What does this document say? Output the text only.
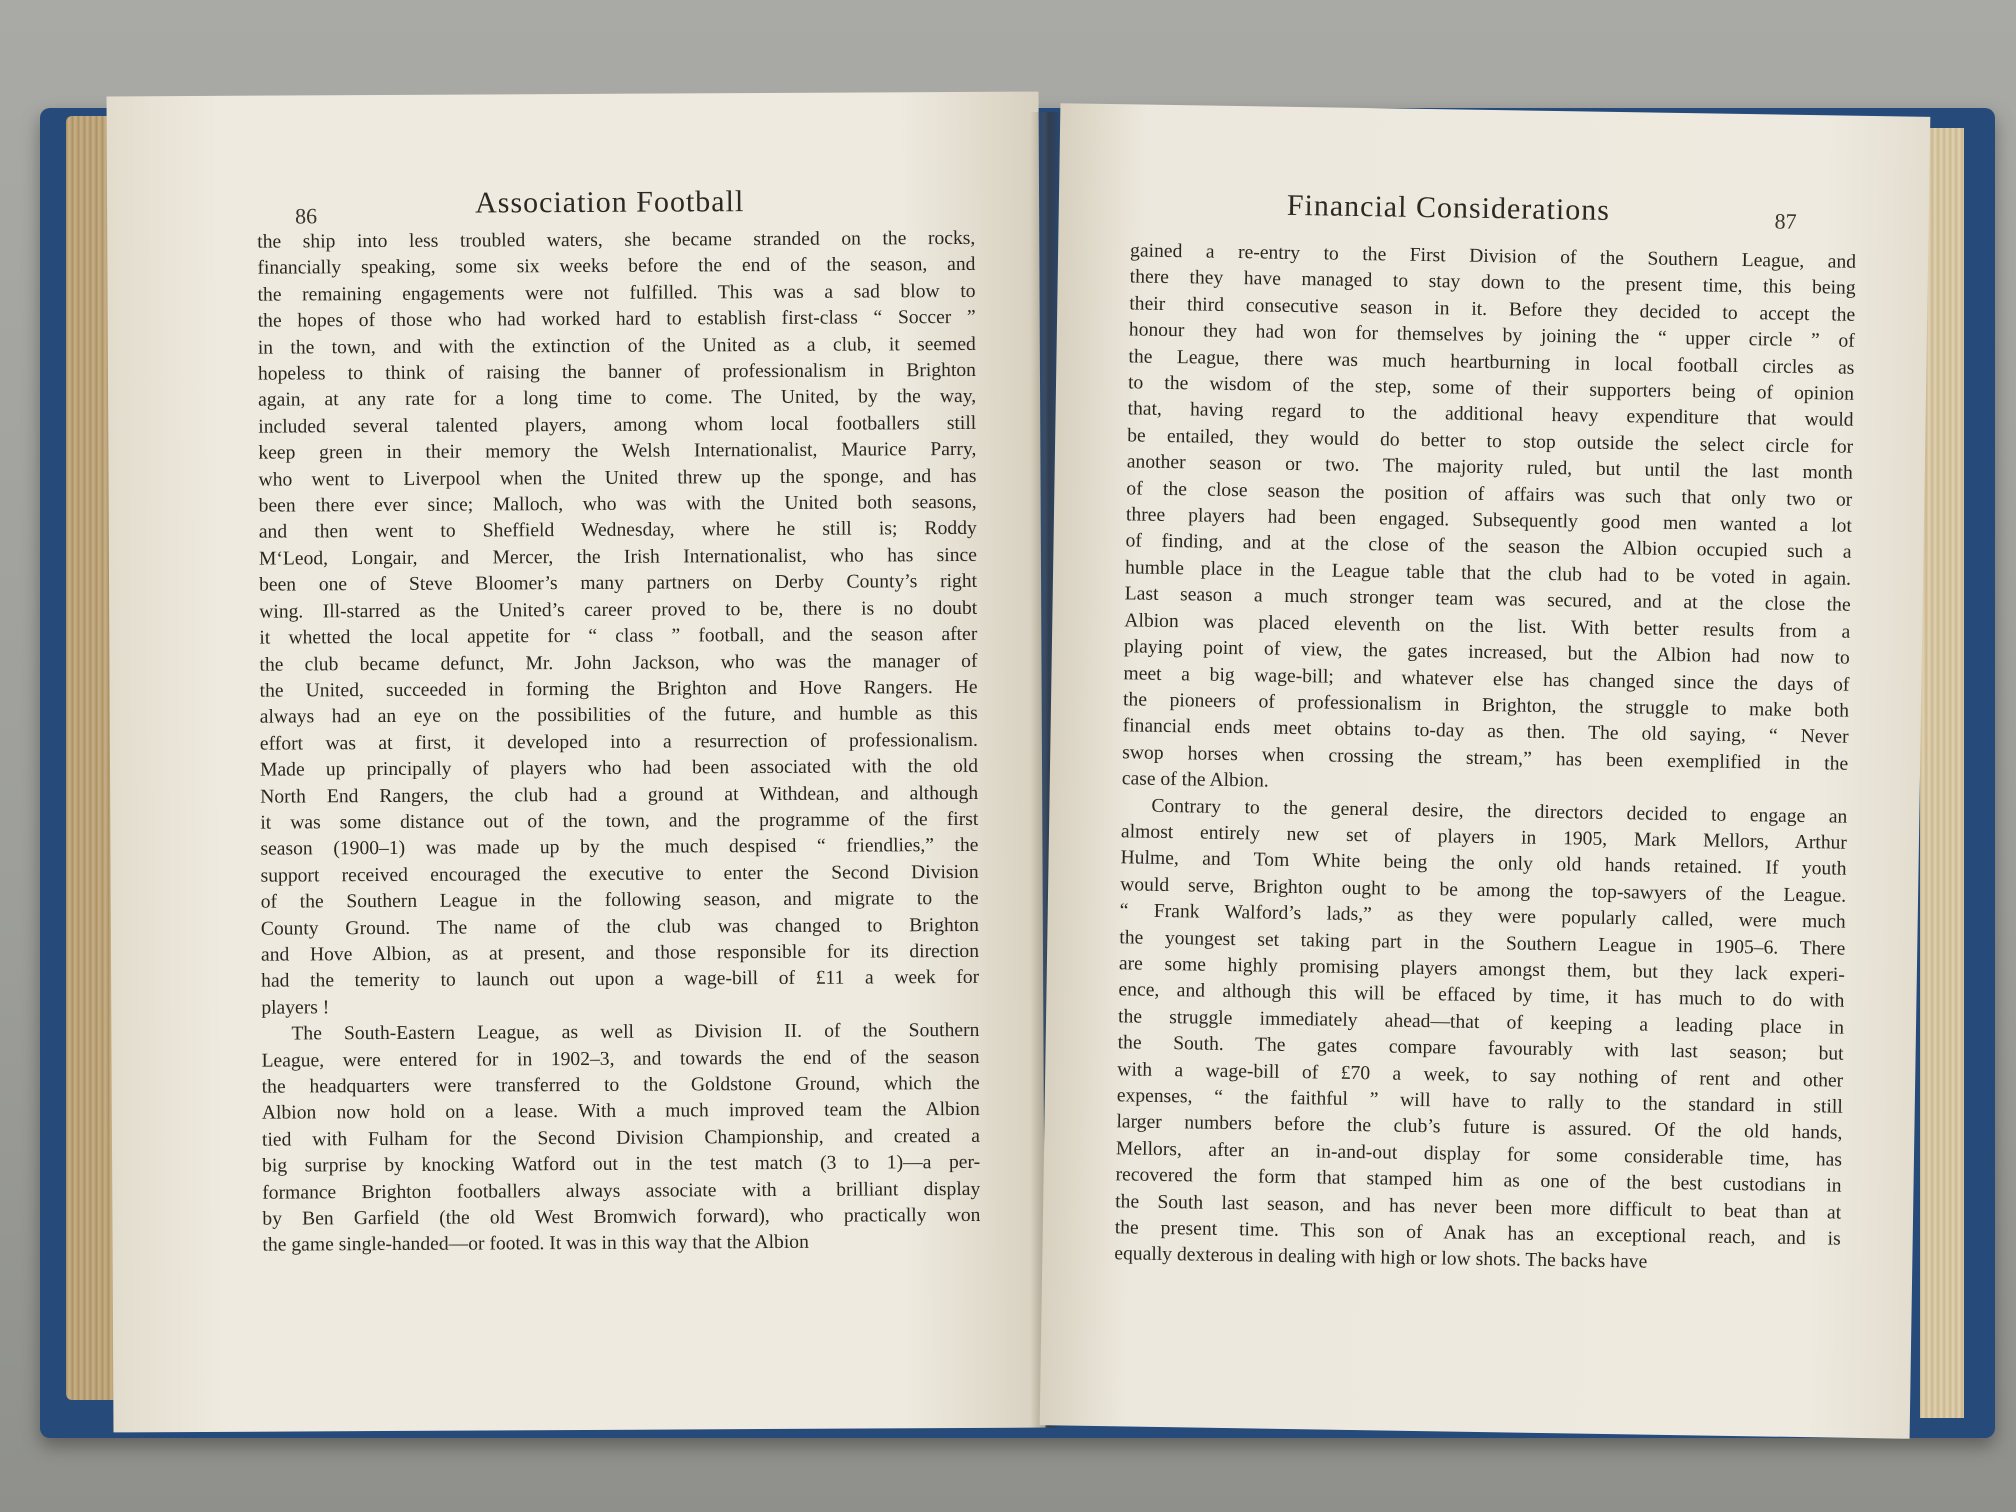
86	Association Football
the ship into less troubled waters, she became stranded on the rocks,
financially speaking, some six weeks before the end of the season, and
the remaining engagements were not fulfilled. This was a sad blow to
the hopes of those who had worked hard to establish first-class “ Soccer ”
in the town, and with the extinction of the United as a club, it seemed
hopeless to think of raising the banner of professionalism in Brighton
again, at any rate for a long time to come. The United, by the way,
included several talented players, among whom local footballers still
keep green in their memory the Welsh Internationalist, Maurice Parry,
who went to Liverpool when the United threw up the sponge, and has
been there ever since; Malloch, who was with the United both seasons,
and then went to Sheffield Wednesday, where he still is; Roddy
M‘Leod, Longair, and Mercer, the Irish Internationalist, who has since
been one of Steve Bloomer’s many partners on Derby County’s right
wing. Ill-starred as the United’s career proved to be, there is no doubt
it whetted the local appetite for “ class ” football, and the season after
the club became defunct, Mr. John Jackson, who was the manager of
the United, succeeded in forming the Brighton and Hove Rangers. He
always had an eye on the possibilities of the future, and humble as this
effort was at first, it developed into a resurrection of professionalism.
Made up principally of players who had been associated with the old
North End Rangers, the club had a ground at Withdean, and although
it was some distance out of the town, and the programme of the first
season (1900–1) was made up by the much despised “ friendlies,” the
support received encouraged the executive to enter the Second Division
of the Southern League in the following season, and migrate to the
County Ground. The name of the club was changed to Brighton
and Hove Albion, as at present, and those responsible for its direction
had the temerity to launch out upon a wage-bill of £11 a week for
players !
The South-Eastern League, as well as Division II. of the Southern
League, were entered for in 1902–3, and towards the end of the season
the headquarters were transferred to the Goldstone Ground, which the
Albion now hold on a lease. With a much improved team the Albion
tied with Fulham for the Second Division Championship, and created a
big surprise by knocking Watford out in the test match (3 to 1)—a per-
formance Brighton footballers always associate with a brilliant display
by Ben Garfield (the old West Bromwich forward), who practically won
the game single-handed—or footed. It was in this way that the Albion
Financial Considerations	87
gained a re-entry to the First Division of the Southern League, and
there they have managed to stay down to the present time, this being
their third consecutive season in it. Before they decided to accept the
honour they had won for themselves by joining the “ upper circle ” of
the League, there was much heartburning in local football circles as
to the wisdom of the step, some of their supporters being of opinion
that, having regard to the additional heavy expenditure that would
be entailed, they would do better to stop outside the select circle for
another season or two. The majority ruled, but until the last month
of the close season the position of affairs was such that only two or
three players had been engaged. Subsequently good men wanted a lot
of finding, and at the close of the season the Albion occupied such a
humble place in the League table that the club had to be voted in again.
Last season a much stronger team was secured, and at the close the
Albion was placed eleventh on the list. With better results from a
playing point of view, the gates increased, but the Albion had now to
meet a big wage-bill; and whatever else has changed since the days of
the pioneers of professionalism in Brighton, the struggle to make both
financial ends meet obtains to-day as then. The old saying, “ Never
swop horses when crossing the stream,” has been exemplified in the
case of the Albion.
Contrary to the general desire, the directors decided to engage an
almost entirely new set of players in 1905, Mark Mellors, Arthur
Hulme, and Tom White being the only old hands retained. If youth
would serve, Brighton ought to be among the top-sawyers of the League.
“ Frank Walford’s lads,” as they were popularly called, were much
the youngest set taking part in the Southern League in 1905–6. There
are some highly promising players amongst them, but they lack experi-
ence, and although this will be effaced by time, it has much to do with
the struggle immediately ahead—that of keeping a leading place in
the South. The gates compare favourably with last season; but
with a wage-bill of £70 a week, to say nothing of rent and other
expenses, “ the faithful ” will have to rally to the standard in still
larger numbers before the club’s future is assured. Of the old hands,
Mellors, after an in-and-out display for some considerable time, has
recovered the form that stamped him as one of the best custodians in
the South last season, and has never been more difficult to beat than at
the present time. This son of Anak has an exceptional reach, and is
equally dexterous in dealing with high or low shots. The backs have
